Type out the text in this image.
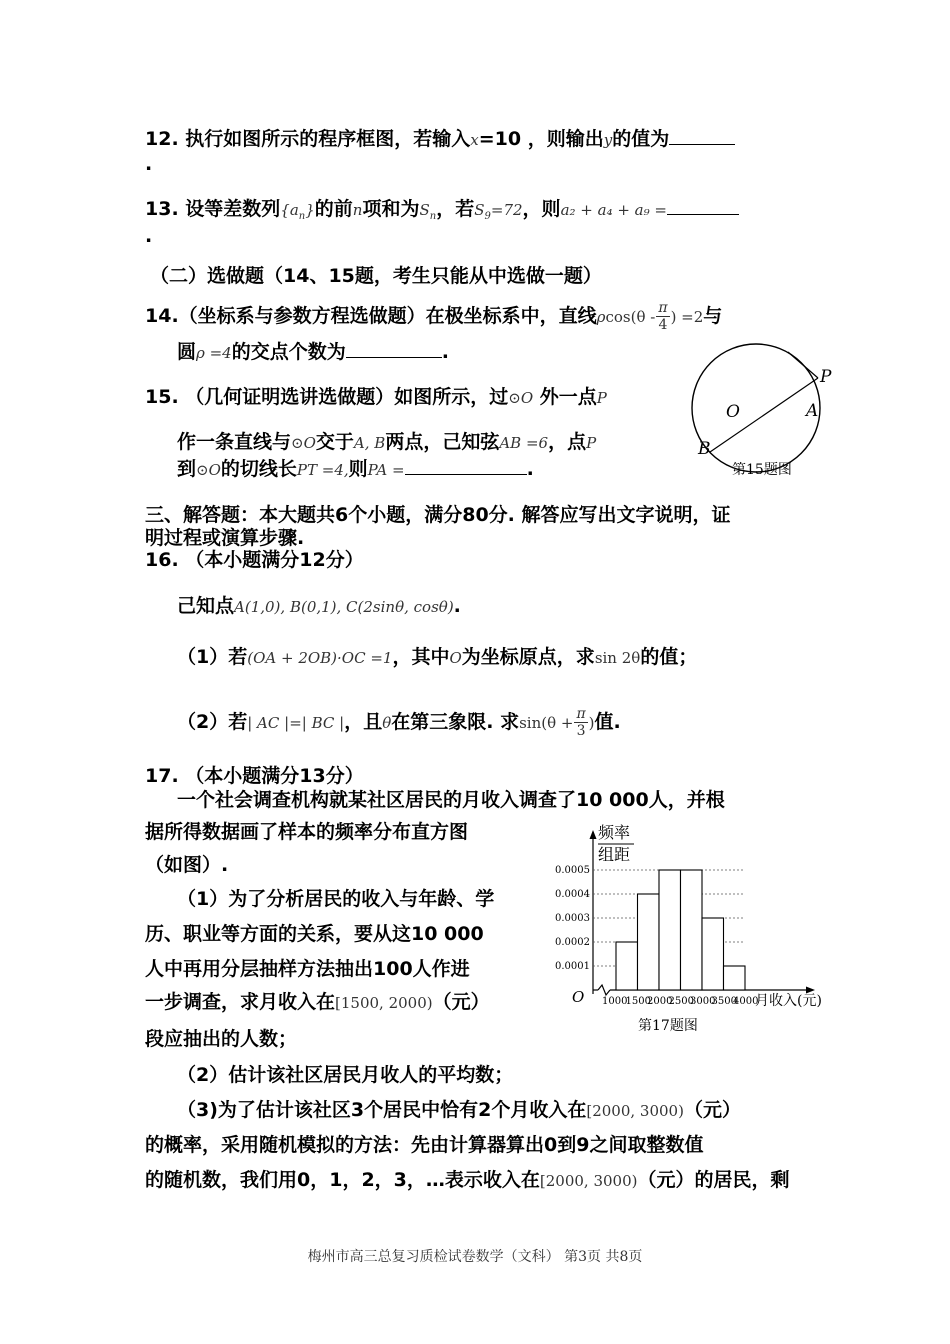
12. 执行如图所示的程序框图，若输入x=10 ，则输出y的值为
.
13. 设等差数列$\{a_n\}$的前n项和为$S_n$，若$S_9=72$，则a₂ + a₄ + a₉ =
.
（二）选做题（14、15题，考生只能从中选做一题）
14.（坐标系与参数方程选做题）在极坐标系中，直线$\rho\cos(\theta - \frac{\pi}{4}$ ) =2与
圆ρ =4的交点个数为	.
15. （几何证明选讲选做题）如图所示，过⊙O 外一点P
作一条直线与⊙O交于A, B两点，己知弦AB =6，点P
到⊙O的切线长PT =4,则PA =	.
P
O	A
B
第15题图
三、解答题：本大题共6个小题，满分80分. 解答应写出文字说明，证
明过程或演算步骤.
16. （本小题满分12分）
己知点A(1,0), B(0,1), C(2sinθ, cosθ).
（1）若(OA + 2OB)·OC =1，其中O为坐标原点，求sin 2θ的值；
（2）若| AC |=| BC |，且θ在第三象限. 求$\sin(\theta + \frac{\pi}{3}$ )值.
17. （本小题满分13分）
一个社会调查机构就某社区居民的月收入调查了10 000人，并根
据所得数据画了样本的频率分布直方图
（如图）.
（1）为了分析居民的收入与年龄、学
历、职业等方面的关系，要从这10 000
人中再用分层抽样方法抽出100人作进
一步调查，求月收入在[1500, 2000)（元）
段应抽出的人数；
（2）估计该社区居民月收人的平均数；
（3)为了估计该社区3个居民中恰有2个月收入在[2000, 3000)（元）
的概率，采用随机模拟的方法：先由计算器算出0到9之间取整数值
的随机数，我们用0，1，2，3，…表示收入在[2000, 3000)（元）的居民，剩
频率
组距
O	月收入(元)
第17题图
0.0001
0.0002
0.0003
0.0004
0.0005
1000
1500
2000
2500
3000
3500
4000
梅州市高三总复习质检试卷数学（文科） 第3页 共8页
